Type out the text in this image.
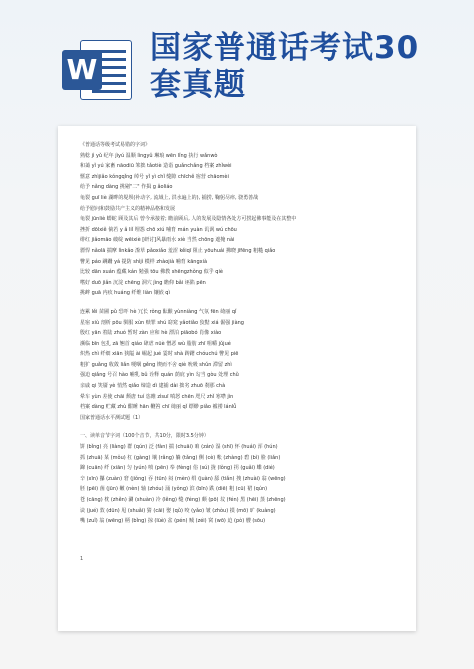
W
国家普通话考试30套真题
《普通话等级考试易错的字词》
熟稔 jì yǔ 纪年 jìyú 温顺 lìngyǔ 琳琅 wēn lǐng 执行 wǎnwò
和蔼 yǐ yú 家畜 nāodiū 笨拙 tǎotiè 造诣 guǎnchǎng 档案 zhǐwèi
惬意 zhìjiǎo kǒngqǐng 绰号 yǐ yì chǐ 缝隙 chīchě 宿营 chāomèi
给予 nǎng dàng 挑剔"二" 作揖 g ǎoliáo
龟裂 guī liè 湖畔的堤坝(补动字, 流域上, 洪水遍上的), 捕捞, 鞠躬尽瘁, 骁勇善战
给予慰问和鼓励共产主义的精神品格和发展
龟裂 jūnliè 蟒蛇 顾及其后 曾今承接着; 瞻前顾后, 人的发展及隐情各处方可捞起佛事能及在其整中
挫折 dōlxiě 倘若 y ǎ liǐ 埋怨 chō xiú 哺育 mán yuàn 讥讽 wú chōu
绯红 jiǎomāo 破绽 wēixiè [研讨]风暴雨水 xiè 当然 chōng 遮掩 nài
骠悍 nǎolā 揣摩 lìnkǎo 潦草 pǎoxiǎo 羞涩 kěiqī 阻止 yōuhuái 拂晓 jīfēng 粗糙 qiǎo
瞥见 páo 蹒跚 yá 提防 shìjì 模样 zhàojià 哺育 kāngxià
比较 dān xuán 蕴藏 kán 勉强 tōu 佛教 shēngzhǒng 似乎 qiè
嗜好 duō jiǎn 沉淀 chēng 洞穴 jìng 瞻仰 bǎi 诬陷 pēn
挑衅 guā 内疚 huáng 纤维 liàn 镶嵌 qì
连累 lěi 苗圃 pǔ 恐吓 hè 冗长 rǒng 酝酿 yùnniàng 气氛 fēn 绮丽 qǐ
星宿 xiù 剖析 pōu 驯服 xùn 赎罪 shú 窈窕 yǎotiǎo 狡黠 xiá 倔强 jiàng
殷红 yān 着陆 zhuó 暂时 zàn 应和 hè 漂泊 piāobó 肖像 xiào
濒临 bīn 包扎 zā 翘首 qiáo 肆虐 nüè 憎恶 wù 脂肪 zhī 咀嚼 jǔjué
炽热 chì 纤细 xiān 狭隘 ài 崛起 jué 霎时 shà 踌躇 chóuchú 瞥见 piē
粗犷 guǎng 收敛 liǎn 哽咽 gěng 锲而不舍 qiè 吮吸 shǔn 滞留 zhì
强迫 qiǎng 号召 hào 哺乳 bǔ 诠释 quán 荫庇 yìn 勾当 gòu 处理 chǔ
亲戚 qi 笑靥 yè 悄然 qiǎo 缔造 dì 逮捕 dài 拙劣 zhuō 刹那 chà
晕车 yùn 差使 chāi 颓唐 tuí 恣睢 zìsuī 嗔怒 chēn 咫尺 zhǐ 寒噤 jìn
档案 dàng 贮藏 zhù 酣睡 hān 鞭笞 chī 绮丽 qǐ 缥缈 piǎo 褴褛 lánlǚ
国家普通话水平测试题（1）
一、读单音节字词（100个音节，共10分，限时3.5分钟）
饼 (bǐng) 亮 (liàng) 群 (qún) 泛 (fàn) 揣 (chuāi) 咱 (zán) 湿 (shī) 怀 (huái) 浑 (hún)
抓 (zhuā) 某 (mǒu) 杠 (gàng) 壤 (rǎng) 躺 (tǎng) 侧 (cè) 帐 (zhàng) 碧 (bì) 脸 (liǎn)
蹿 (cuān) 纤 (xiān) 匀 (yún) 喷 (pēn) 奉 (fèng) 俗 (sú) 拢 (lǒng) 拐 (guǎi) 蝶 (dié)
辛 (xīn) 攥 (zuàn) 窘 (jiǒng) 吞 (tūn) 闷 (mèn) 绢 (juàn) 舔 (tiǎn) 拽 (zhuài) 翁 (wēng)
胚 (pēi) 菌 (jūn) 嫩 (nèn) 轴 (zhóu) 涌 (yǒng) 滨 (bīn) 跌 (diē) 粗 (cū) 裙 (qún)
苍 (cāng) 枕 (zhěn) 涮 (shuàn) 冷 (lěng) 缝 (féng) 颇 (pō) 坟 (fén) 黑 (hēi) 蒸 (zhēng)
诀 (jué) 敦 (dūn) 甩 (shuǎi) 猜 (cāi) 娶 (qǔ) 咬 (yǎo) 皱 (zhòu) 摸 (mō) 旷 (kuàng)
嘴 (zuǐ) 翁 (wēng) 柄 (bǐng) 掠 (lüè) 盆 (pén) 贼 (zéi) 窝 (wō) 迫 (pò) 艘 (sōu)
1
